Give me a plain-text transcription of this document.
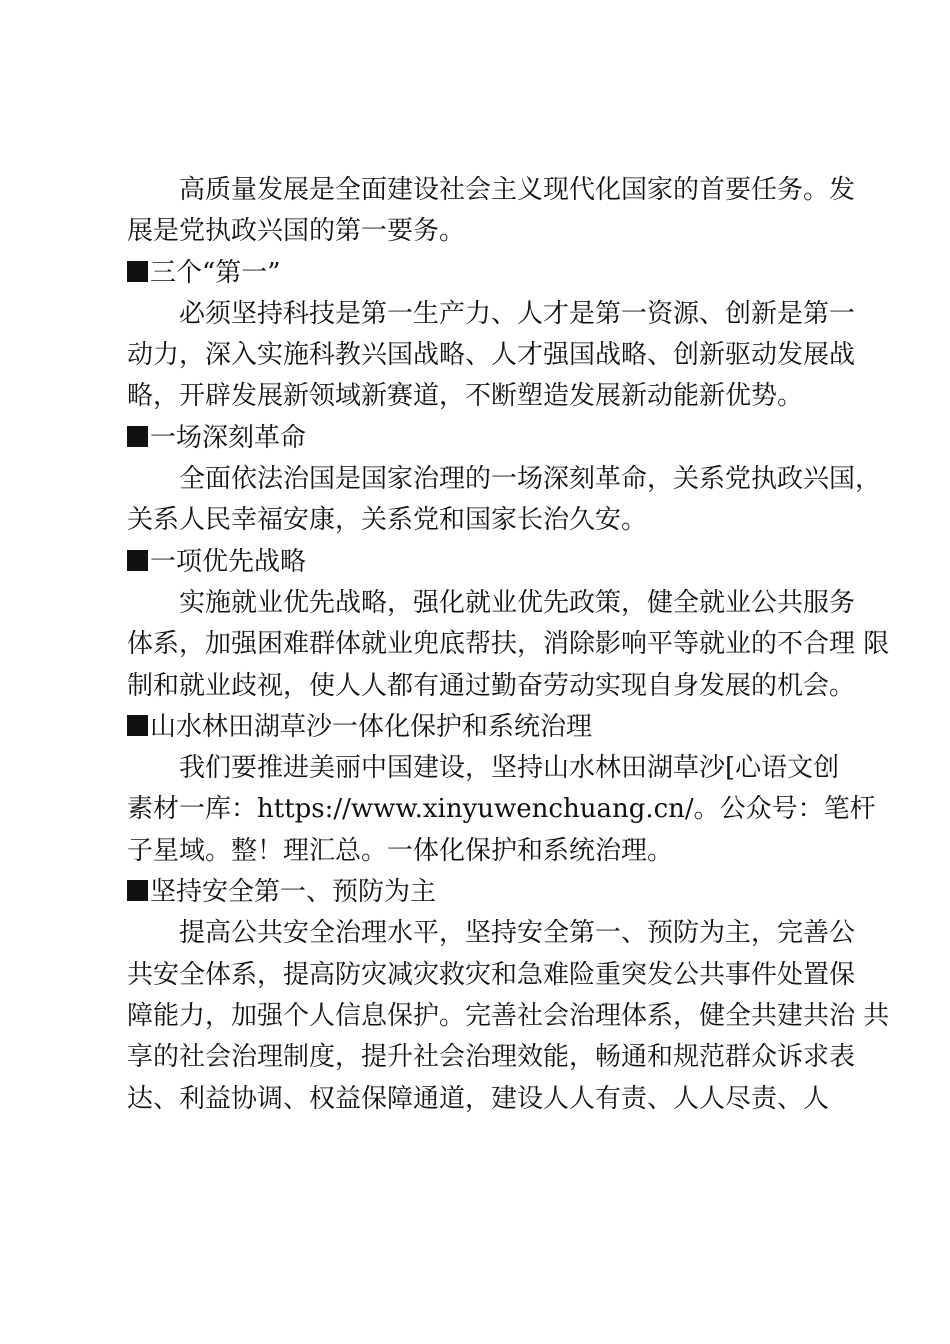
高质量发展是全面建设社会主义现代化国家的首要任务。发

展是党执政兴国的第一要务。

三个“第一”

必须坚持科技是第一生产力、人才是第一资源、创新是第一

动力，深入实施科教兴国战略、人才强国战略、创新驱动发展战

略，开辟发展新领域新赛道，不断塑造发展新动能新优势。

一场深刻革命

全面依法治国是国家治理的一场深刻革命，关系党执政兴国，

关系人民幸福安康，关系党和国家长治久安。

一项优先战略

实施就业优先战略，强化就业优先政策，健全就业公共服务

体系，加强困难群体就业兜底帮扶，消除影响平等就业的不合理 限

制和就业歧视，使人人都有通过勤奋劳动实现自身发展的机会。

山水林田湖草沙一体化保护和系统治理

我们要推进美丽中国建设，坚持山水林田湖草沙[心语文创

素材一库：https://www.xinyuwenchuang.cn/。公众号：笔杆

子星域。整！理汇总。一体化保护和系统治理。

坚持安全第一、预防为主

提高公共安全治理水平，坚持安全第一、预防为主，完善公

共安全体系，提高防灾减灾救灾和急难险重突发公共事件处置保

障能力，加强个人信息保护。完善社会治理体系，健全共建共治 共

享的社会治理制度，提升社会治理效能，畅通和规范群众诉求表

达、利益协调、权益保障通道，建设人人有责、人人尽责、人
